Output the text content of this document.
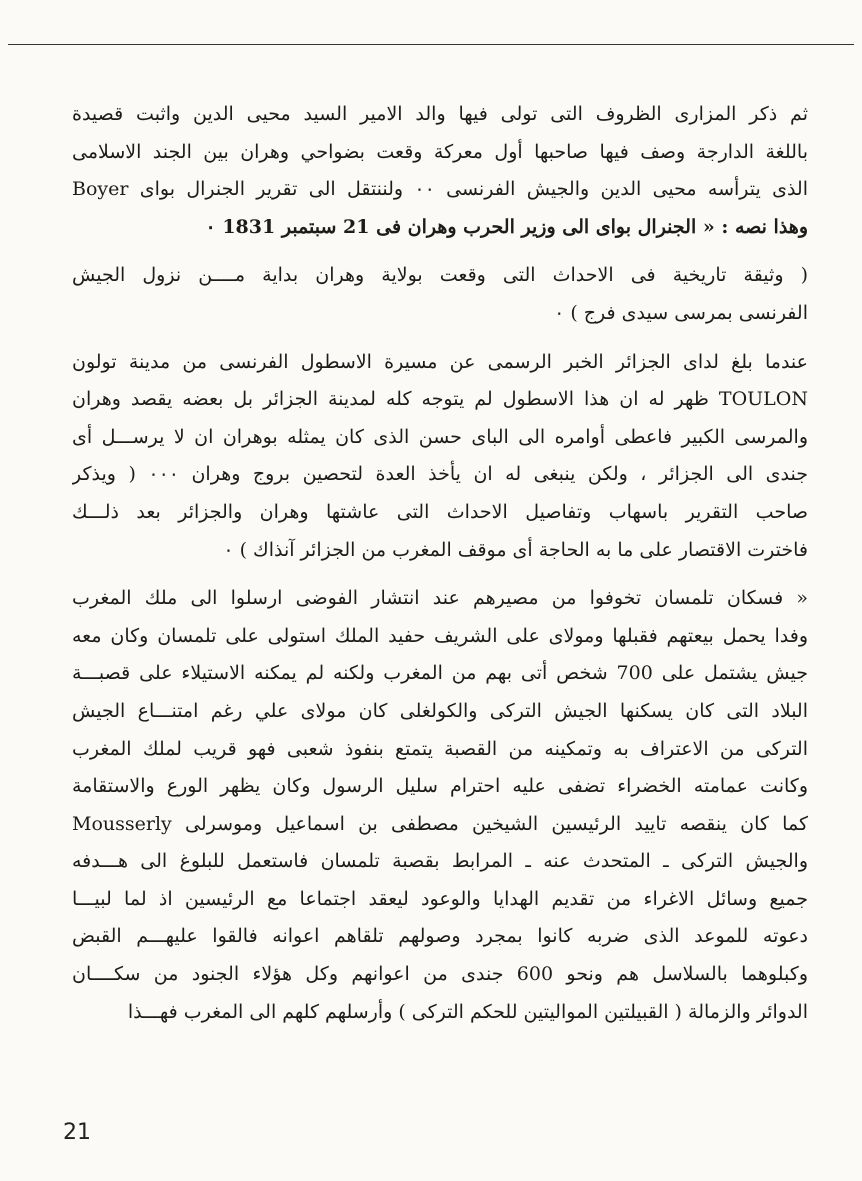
ثم ذكر المزارى الظروف التى تولى فيها والد الامير السيد محيى الدين واثبت قصيدة
باللغة الدارجة وصف فيها صاحبها أول معركة وقعت بضواحي وهران بين الجند الاسلامى
الذى يترأسه محيى الدين والجيش الفرنسى ٠٠ ولننتقل الى تقرير الجنرال بواى Boyer
وهذا نصه : « الجنرال بواى الى وزير الحرب وهران فى 21 سبتمبر 1831 ٠
( وثيقة تاريخية فى الاحداث التى وقعت بولاية وهران بداية مــــن نزول الجيش
الفرنسى بمرسى سيدى فرج ) ٠
عندما بلغ لداى الجزائر الخبر الرسمى عن مسيرة الاسطول الفرنسى من مدينة تولون
TOULON ظهر له ان هذا الاسطول لم يتوجه كله لمدينة الجزائر بل بعضه يقصد وهران
والمرسى الكبير فاعطى أوامره الى الباى حسن الذى كان يمثله بوهران ان لا يرســـل أى
جندى الى الجزائر ، ولكن ينبغى له ان يأخذ العدة لتحصين بروج وهران ٠٠٠ ( ويذكر
صاحب التقرير باسهاب وتفاصيل الاحداث التى عاشتها وهران والجزائر بعد ذلـــك
فاخترت الاقتصار على ما به الحاجة أى موقف المغرب من الجزائر آنذاك ) ٠
« فسكان تلمسان تخوفوا من مصيرهم عند انتشار الفوضى ارسلوا الى ملك المغرب
وفدا يحمل بيعتهم فقبلها ومولاى على الشريف حفيد الملك استولى على تلمسان وكان معه
جيش يشتمل على 700 شخص أتى بهم من المغرب ولكنه لم يمكنه الاستيلاء على قصبـــة
البلاد التى كان يسكنها الجيش التركى والكولغلى كان مولاى علي رغم امتنـــاع الجيش
التركى من الاعتراف به وتمكينه من القصبة يتمتع بنفوذ شعبى فهو قريب لملك المغرب
وكانت عمامته الخضراء تضفى عليه احترام سليل الرسول وكان يظهر الورع والاستقامة
كما كان ينقصه تاييد الرئيسين الشيخين مصطفى بن اسماعيل وموسرلى Mousserly
والجيش التركى ـ المتحدث عنه ـ المرابط بقصبة تلمسان فاستعمل للبلوغ الى هـــدفه
جميع وسائل الاغراء من تقديم الهدايا والوعود ليعقد اجتماعا مع الرئيسين اذ لما لبيـــا
دعوته للموعد الذى ضربه كانوا بمجرد وصولهم تلقاهم اعوانه فالقوا عليهـــم القبض
وكبلوهما بالسلاسل هم ونحو 600 جندى من اعوانهم وكل هؤلاء الجنود من سكــــان
الدوائر والزمالة ( القبيلتين المواليتين للحكم التركى ) وأرسلهم كلهم الى المغرب فهـــذا
21
